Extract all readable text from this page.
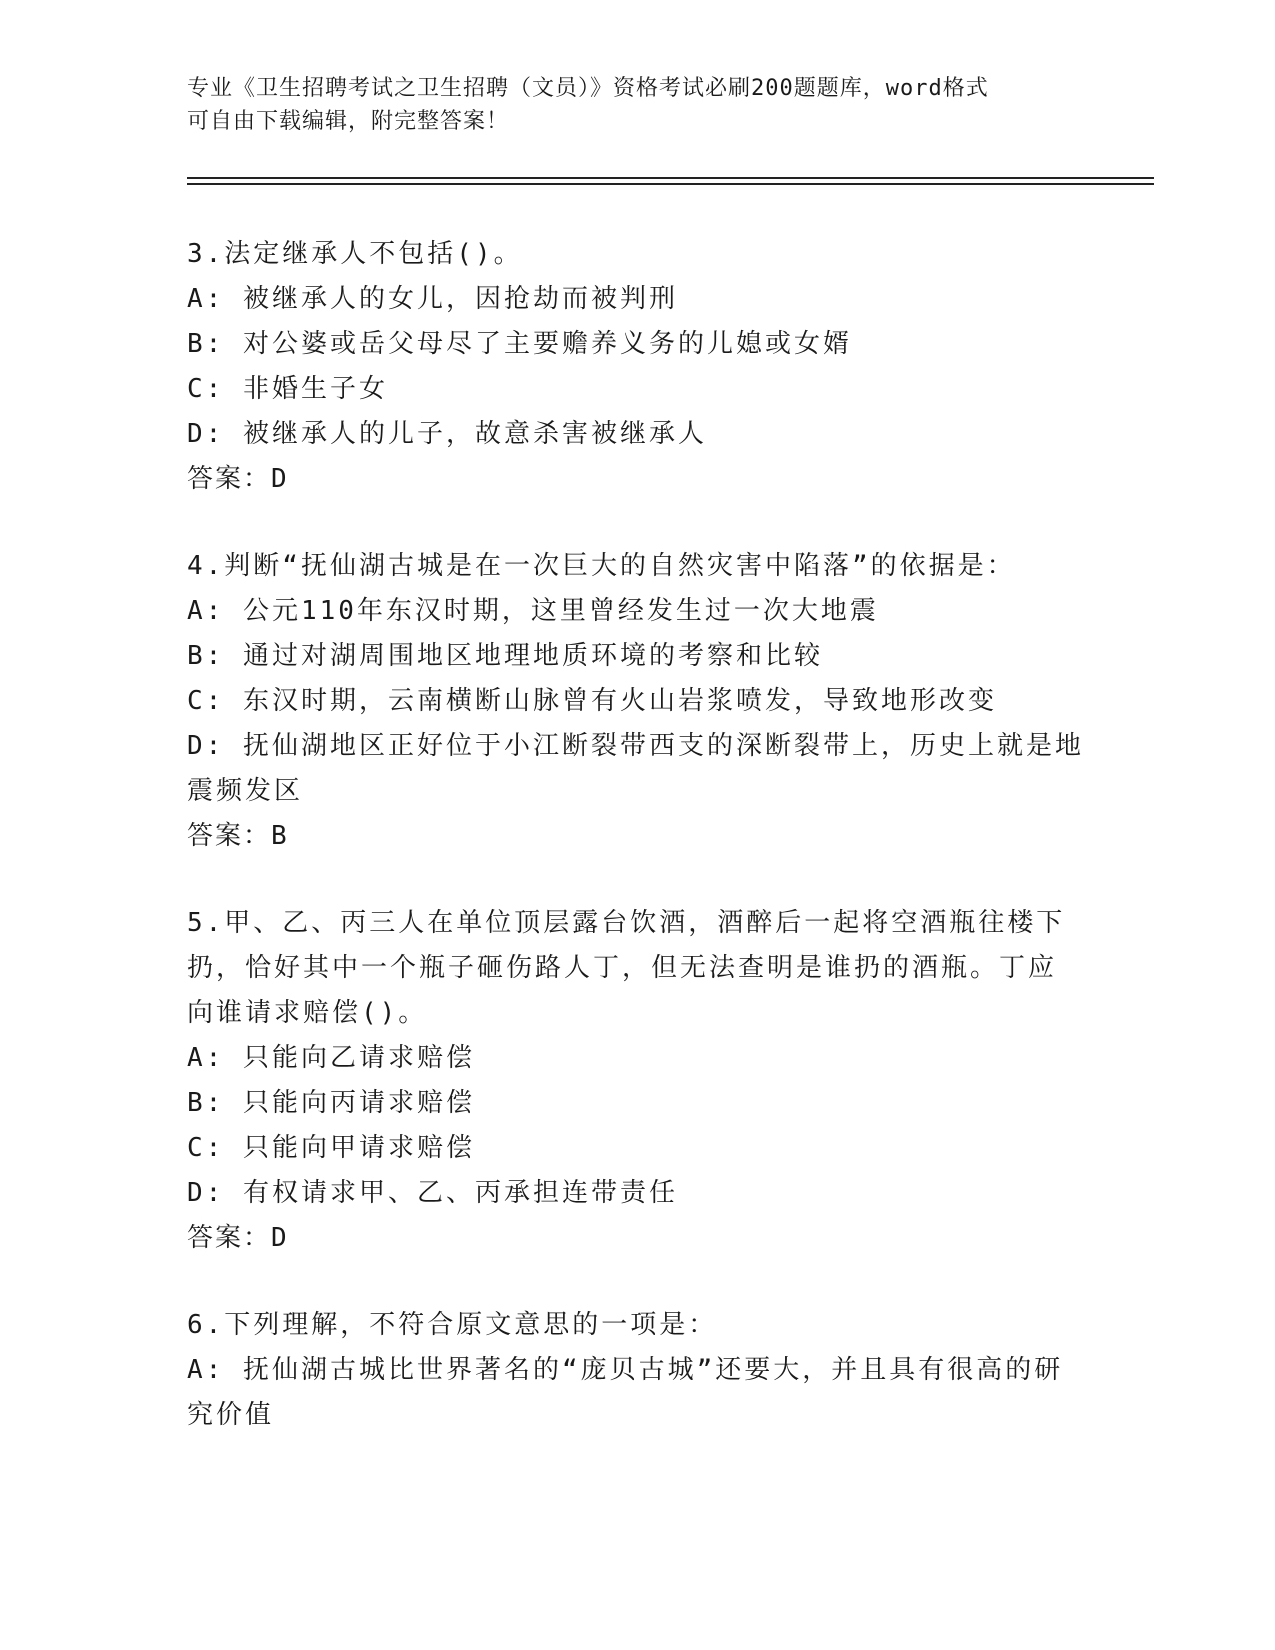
专业《卫生招聘考试之卫生招聘（文员）》资格考试必刷200题题库，word格式
可自由下载编辑，附完整答案！
3.法定继承人不包括()。
A: 被继承人的女儿，因抢劫而被判刑
B: 对公婆或岳父母尽了主要赡养义务的儿媳或女婿
C: 非婚生子女
D: 被继承人的儿子，故意杀害被继承人
答案：D
4.判断“抚仙湖古城是在一次巨大的自然灾害中陷落”的依据是：
A: 公元110年东汉时期，这里曾经发生过一次大地震
B: 通过对湖周围地区地理地质环境的考察和比较
C: 东汉时期，云南横断山脉曾有火山岩浆喷发，导致地形改变
D: 抚仙湖地区正好位于小江断裂带西支的深断裂带上，历史上就是地
震频发区
答案：B
5.甲、乙、丙三人在单位顶层露台饮酒，酒醉后一起将空酒瓶往楼下
扔，恰好其中一个瓶子砸伤路人丁，但无法查明是谁扔的酒瓶。丁应
向谁请求赔偿()。
A: 只能向乙请求赔偿
B: 只能向丙请求赔偿
C: 只能向甲请求赔偿
D: 有权请求甲、乙、丙承担连带责任
答案：D
6.下列理解，不符合原文意思的一项是：
A: 抚仙湖古城比世界著名的“庞贝古城”还要大，并且具有很高的研
究价值
